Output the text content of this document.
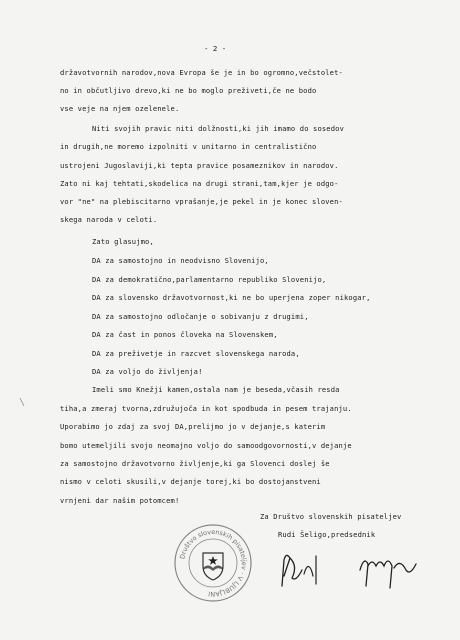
- 2 -
državotvornih narodov,nova Evropa še je in bo ogromno,večstolet-
no in občutljivo drevo,ki ne bo moglo preživeti,če ne bodo
vse veje na njem ozelenele.
Niti svojih pravic niti dolžnosti,ki jih imamo do sosedov
in drugih,ne moremo izpolniti v unitarno in centralistično
ustrojeni Jugoslaviji,ki tepta pravice posameznikov in narodov.
Zato ni kaj tehtati,skodelica na drugi strani,tam,kjer je odgo-
vor "ne" na plebiscitarno vprašanje,je pekel in je konec sloven-
skega naroda v celoti.
Zato glasujmo,
DA za samostojno in neodvisno Slovenijo,
DA za demokratično,parlamentarno republiko Slovenijo,
DA za slovensko državotvornost,ki ne bo uperjena zoper nikogar,
DA za samostojno odločanje o sobivanju z drugimi,
DA za čast in ponos človeka na Slovenskem,
DA za preživetje in razcvet slovenskega naroda,
DA za voljo do življenja!
Imeli smo Knežji kamen,ostala nam je beseda,včasih resda
tiha,a zmeraj tvorna,združujoča in kot spodbuda in pesem trajanju.
Uporabimo jo zdaj za svoj DA,prelijmo jo v dejanje,s katerim
bomo utemeljili svojo neomajno voljo do samoodgovornosti,v dejanje
za samostojno državotvorno življenje,ki ga Slovenci doslej še
nismo v celoti skusili,v dejanje torej,ki bo dostojanstveni
vrnjeni dar našim potomcem!
Za Društvo slovenskih pisateljev
Rudi Šeligo,predsednik
Društvo slovenskih pisateljev · V LJUBLJANI
